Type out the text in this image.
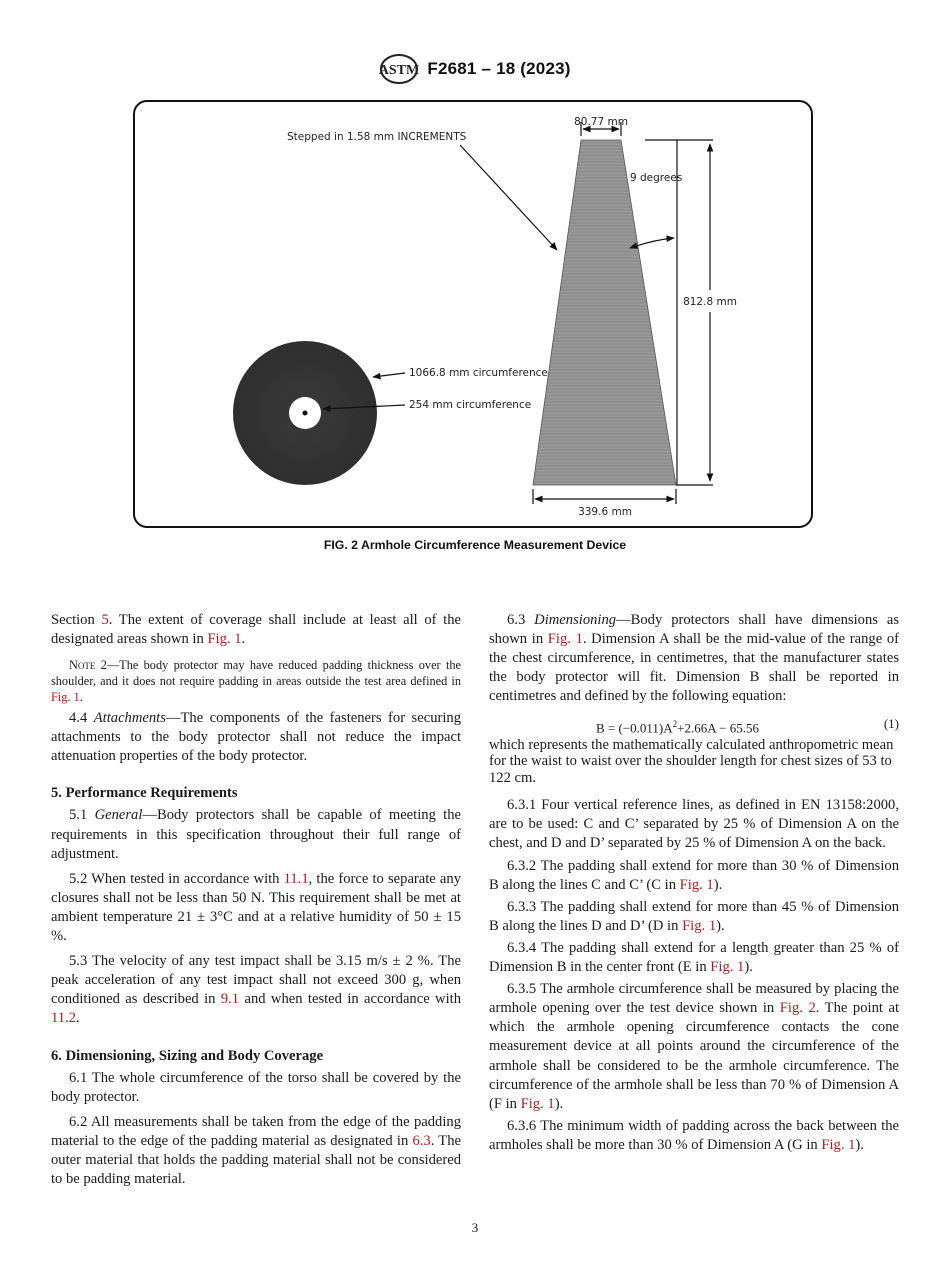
ASTM F2681 – 18 (2023)
80.77 mm
812.8 mm
9 degrees
339.6 mm
Stepped in 1.58 mm INCREMENTS
1066.8 mm circumference
254 mm circumference
FIG. 2 Armhole Circumference Measurement Device

Section 5. The extent of coverage shall include at least all of the designated areas shown in Fig. 1.

Note 2—The body protector may have reduced padding thickness over the shoulder, and it does not require padding in areas outside the test area defined in Fig. 1.

4.4 Attachments—The components of the fasteners for securing attachments to the body protector shall not reduce the impact attenuation properties of the body protector.

5. Performance Requirements

5.1 General—Body protectors shall be capable of meeting the requirements in this specification throughout their full range of adjustment.

5.2 When tested in accordance with 11.1, the force to separate any closures shall not be less than 50 N. This requirement shall be met at ambient temperature 21 ± 3°C and at a relative humidity of 50 ± 15 %.

5.3 The velocity of any test impact shall be 3.15 m/s ± 2 %. The peak acceleration of any test impact shall not exceed 300 g, when conditioned as described in 9.1 and when tested in accordance with 11.2.

6. Dimensioning, Sizing and Body Coverage

6.1 The whole circumference of the torso shall be covered by the body protector.

6.2 All measurements shall be taken from the edge of the padding material to the edge of the padding material as designated in 6.3. The outer material that holds the padding material shall not be considered to be padding material.

6.3 Dimensioning—Body protectors shall have dimensions as shown in Fig. 1. Dimension A shall be the mid-value of the range of the chest circumference, in centimetres, that the manufacturer states the body protector will fit. Dimension B shall be reported in centimetres and defined by the following equation:

$B = (-0.011)A^2+2.66A - 65.56$	(1)

which represents the mathematically calculated anthropometric mean for the waist to waist over the shoulder length for chest sizes of 53 to 122 cm.

6.3.1 Four vertical reference lines, as defined in EN 13158:2000, are to be used: C and C’ separated by 25 % of Dimension A on the chest, and D and D’ separated by 25 % of Dimension A on the back.

6.3.2 The padding shall extend for more than 30 % of Dimension B along the lines C and C’ (C in Fig. 1).

6.3.3 The padding shall extend for more than 45 % of Dimension B along the lines D and D’ (D in Fig. 1).

6.3.4 The padding shall extend for a length greater than 25 % of Dimension B in the center front (E in Fig. 1).

6.3.5 The armhole circumference shall be measured by placing the armhole opening over the test device shown in Fig. 2. The point at which the armhole opening circumference contacts the cone measurement device at all points around the circumference of the armhole shall be considered to be the armhole circumference. The circumference of the armhole shall be less than 70 % of Dimension A (F in Fig. 1).

6.3.6 The minimum width of padding across the back between the armholes shall be more than 30 % of Dimension A (G in Fig. 1).

3
